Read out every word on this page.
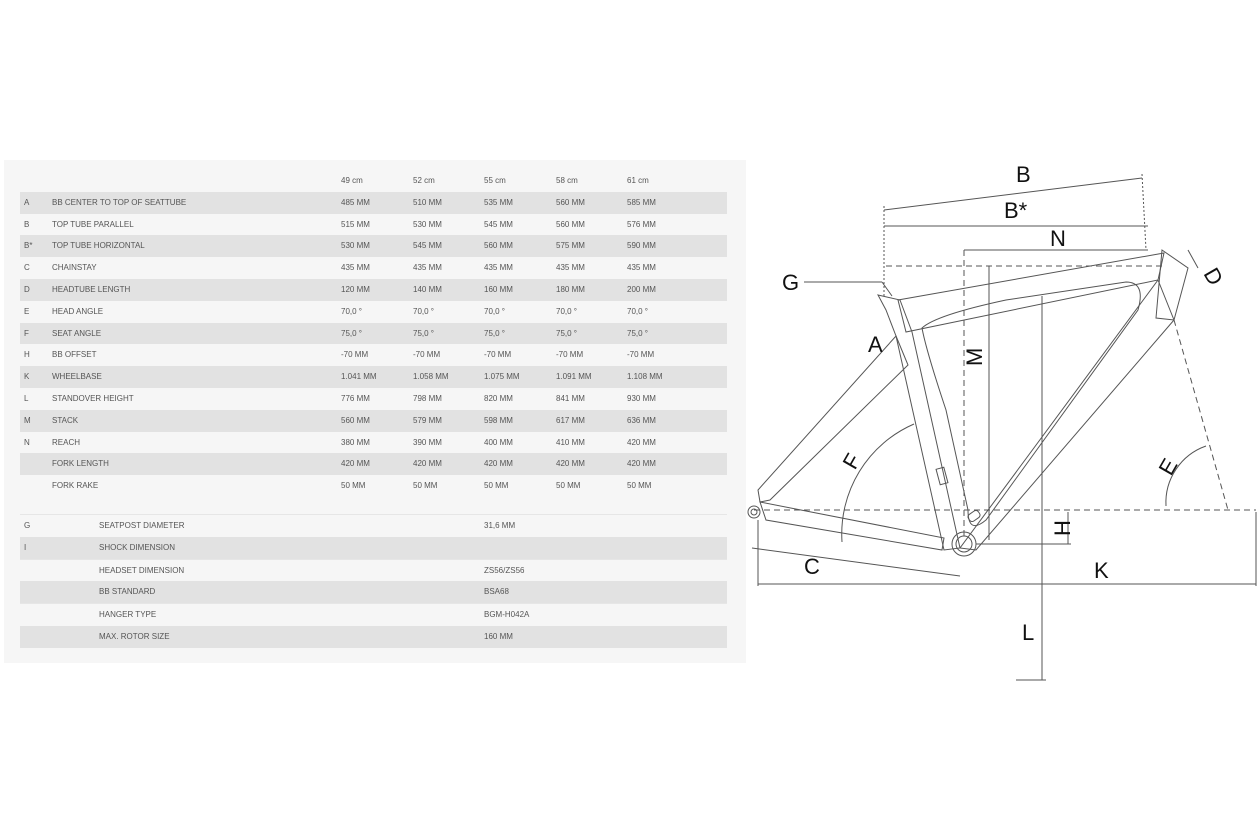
49 cm	52 cm	55 cm	58 cm	61 cm
A	BB CENTER TO TOP OF SEATTUBE	485 MM	510 MM	535 MM	560 MM	585 MM
B	TOP TUBE PARALLEL	515 MM	530 MM	545 MM	560 MM	576 MM
B* TOP TUBE HORIZONTAL	530 MM	545 MM	560 MM	575 MM	590 MM
C	CHAINSTAY	435 MM	435 MM	435 MM	435 MM	435 MM
D	HEADTUBE LENGTH	120 MM	140 MM	160 MM	180 MM	200 MM
E	HEAD ANGLE	70,0 °	70,0 °	70,0 °	70,0 °	70,0 °
F	SEAT ANGLE	75,0 °	75,0 °	75,0 °	75,0 °	75,0 °
H	BB OFFSET	-70 MM	-70 MM	-70 MM	-70 MM	-70 MM
K	WHEELBASE	1.041 MM	1.058 MM	1.075 MM	1.091 MM	1.108 MM
L	STANDOVER HEIGHT	776 MM	798 MM	820 MM	841 MM	930 MM
M	STACK	560 MM	579 MM	598 MM	617 MM	636 MM
N	REACH	380 MM	390 MM	400 MM	410 MM	420 MM
FORK LENGTH	420 MM	420 MM	420 MM	420 MM	420 MM
FORK RAKE	50 MM	50 MM	50 MM	50 MM	50 MM
G	SEATPOST DIAMETER	31,6 MM
I	SHOCK DIMENSION
HEADSET DIMENSION	ZS56/ZS56
BB STANDARD	BSA68
HANGER TYPE	BGM-H042A
MAX. ROTOR SIZE	160 MM
B
B*
N
G
A	M
D
F	E
H
C	K
L
